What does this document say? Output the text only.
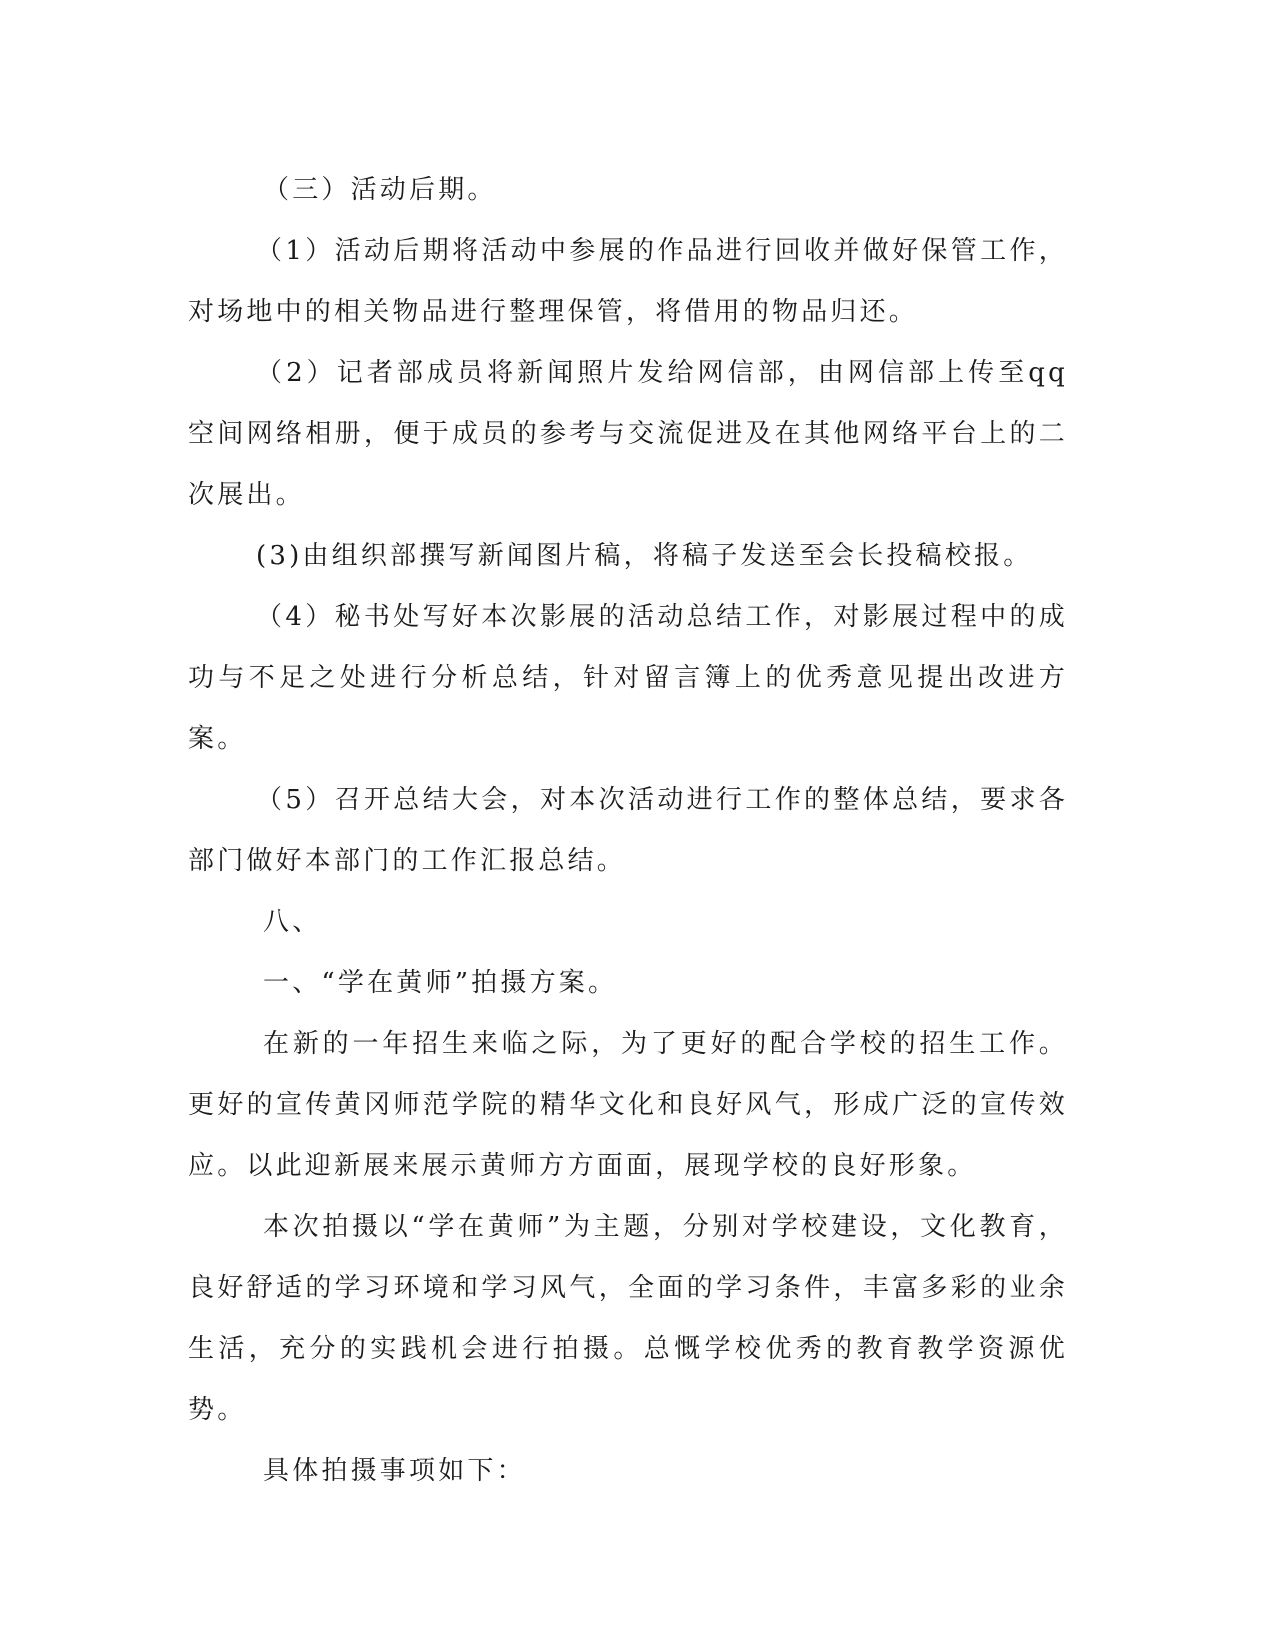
（三）活动后期。

（1）活动后期将活动中参展的作品进行回收并做好保管工作，对场地中的相关物品进行整理保管，将借用的物品归还。

（2）记者部成员将新闻照片发给网信部，由网信部上传至qq空间网络相册，便于成员的参考与交流促进及在其他网络平台上的二次展出。

(3)由组织部撰写新闻图片稿，将稿子发送至会长投稿校报。

（4）秘书处写好本次影展的活动总结工作，对影展过程中的成功与不足之处进行分析总结，针对留言簿上的优秀意见提出改进方案。

（5）召开总结大会，对本次活动进行工作的整体总结，要求各部门做好本部门的工作汇报总结。

八、

一、“学在黄师”拍摄方案。

在新的一年招生来临之际，为了更好的配合学校的招生工作。更好的宣传黄冈师范学院的精华文化和良好风气，形成广泛的宣传效应。以此迎新展来展示黄师方方面面，展现学校的良好形象。

本次拍摄以“学在黄师”为主题，分别对学校建设，文化教育，良好舒适的学习环境和学习风气，全面的学习条件，丰富多彩的业余生活，充分的实践机会进行拍摄。总慨学校优秀的教育教学资源优势。

具体拍摄事项如下：
